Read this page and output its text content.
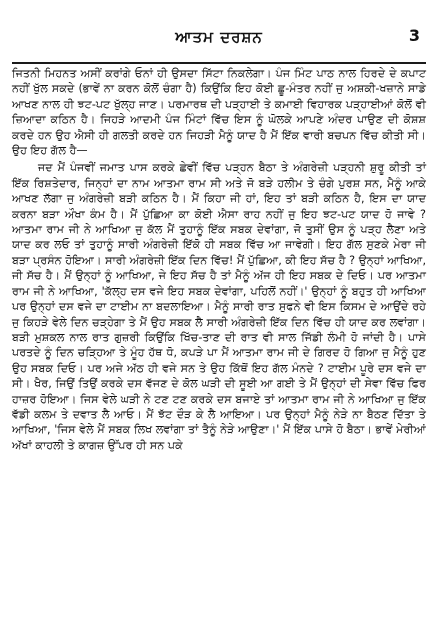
ਆਤਮ ਦਰਸ਼ਨ	3

ਜਿਤਨੀ ਮਿਹਨਤ ਅਸੀਂ ਕਰਾਂਗੇ ਓਨਾਂ ਹੀ ਉਸਦਾ ਸਿੱਟਾ ਨਿਕਲੇਗਾ। ਪੰਜ ਮਿੰਟ ਪਾਠ ਨਾਲ ਹਿਰਦੇ ਦੇ ਕਪਾਟ ਨਹੀਂ ਖੁੱਲ ਸਕਦੇ (ਭਾਵੇਂ ਨਾ ਕਰਨ ਕੋਲੋਂ ਚੰਗਾ ਹੈ) ਕਿਉਂਕਿ ਇਹ ਕੋਈ ਛੂ-ਮੰਤਰ ਨਹੀਂ ਜੁ ਅਸ਼ਕੀ-ਖਜ਼ਾਨੇ ਸਾਡੇ ਆਖਣ ਨਾਲ ਹੀ ਝਟ-ਪਟ ਖੁੱਲ੍ਹ ਜਾਣ। ਪਰਮਾਰਥ ਦੀ ਪੜ੍ਹਾਈ ਤੇ ਕਮਾਈ ਵਿਹਾਰਕ ਪੜ੍ਹਾਈਆਂ ਕੋਲੋਂ ਵੀ ਜ਼ਿਆਦਾ ਕਠਿਨ ਹੈ। ਜਿਹੜੇ ਆਦਮੀ ਪੰਜ ਮਿੰਟਾਂ ਵਿੱਚ ਇਸ ਨੂੰ ਘੋਲਕੇ ਆਪਣੇ ਅੰਦਰ ਪਾਉਣ ਦੀ ਕੋਸ਼ਸ਼ ਕਰਦੇ ਹਨ ਉਹ ਐਸੀ ਹੀ ਗਲਤੀ ਕਰਦੇ ਹਨ ਜਿਹੜੀ ਮੈਨੂੰ ਯਾਦ ਹੈ ਮੈਂ ਇੱਕ ਵਾਰੀ ਬਚਪਨ ਵਿੱਚ ਕੀਤੀ ਸੀ। ਉਹ ਇਹ ਗੱਲ ਹੈ—

ਜਦ ਮੈਂ ਪੰਜਵੀਂ ਜਮਾਤ ਪਾਸ ਕਰਕੇ ਛੇਵੀਂ ਵਿੱਚ ਪੜ੍ਹਨ ਬੈਠਾ ਤੇ ਅੰਗਰੇਜ਼ੀ ਪੜ੍ਹਨੀ ਸ਼ੁਰੂ ਕੀਤੀ ਤਾਂ ਇੱਕ ਰਿਸ਼ਤੇਦਾਰ, ਜਿਨ੍ਹਾਂ ਦਾ ਨਾਮ ਆਤਮਾ ਰਾਮ ਸੀ ਅਤੇ ਜੋ ਬੜੇ ਹਲੀਮ ਤੇ ਚੰਗੇ ਪੁਰਸ਼ ਸਨ, ਮੈਨੂੰ ਆਕੇ ਆਖਣ ਲੱਗਾ ਜੁ ਅੰਗਰੇਜ਼ੀ ਬੜੀ ਕਠਿਨ ਹੈ। ਮੈਂ ਕਿਹਾ ਜੀ ਹਾਂ, ਇਹ ਤਾਂ ਬੜੀ ਕਠਿਨ ਹੈ, ਇਸ ਦਾ ਯਾਦ ਕਰਨਾ ਬੜਾ ਔਖਾ ਕੰਮ ਹੈ। ਮੈਂ ਪੁੱਛਿਆ ਕਾ ਕੋਈ ਐਸਾ ਰਾਹ ਨਹੀਂ ਜੁ ਇਹ ਝਟ-ਪਟ ਯਾਦ ਹੋ ਜਾਵੇ ? ਆਤਮਾ ਰਾਮ ਜੀ ਨੇ ਆਖਿਆ ਜੁ ਕੱਲ ਮੈਂ ਤੁਹਾਨੂੰ ਇੱਕ ਸਬਕ ਦੇਵਾਂਗਾ, ਜੋ ਤੁਸੀਂ ਉਸ ਨੂੰ ਪੜ੍ਹ ਲੈਣਾ ਅਤੇ ਯਾਦ ਕਰ ਲਓ ਤਾਂ ਤੁਹਾਨੂੰ ਸਾਰੀ ਅੰਗਰੇਜ਼ੀ ਇੱਕੋ ਹੀ ਸਬਕ ਵਿੱਚ ਆ ਜਾਵੇਗੀ। ਇਹ ਗੱਲ ਸੁਣਕੇ ਮੇਰਾ ਜੀ ਬੜਾ ਪ੍ਰਸੰਨ ਹੋਇਆ। ਸਾਰੀ ਅੰਗਰੇਜ਼ੀ ਇੱਕ ਦਿਨ ਵਿੱਚ! ਮੈਂ ਪੁੱਛਿਆ, ਕੀ ਇਹ ਸੱਚ ਹੈ ? ਉਨ੍ਹਾਂ ਆਖਿਆ, ਜੀ ਸੱਚ ਹੈ। ਮੈਂ ਉਨ੍ਹਾਂ ਨੂੰ ਆਖਿਆ, ਜੇ ਇਹ ਸੱਚ ਹੈ ਤਾਂ ਮੈਨੂੰ ਅੱਜ ਹੀ ਇਹ ਸਬਕ ਦੇ ਦਿਓ। ਪਰ ਆਤਮਾ ਰਾਮ ਜੀ ਨੇ ਆਖਿਆ, 'ਕੱਲ੍ਹ ਦਸ ਵਜੇ ਇਹ ਸਬਕ ਦੇਵਾਂਗਾ, ਪਹਿਲੋਂ ਨਹੀਂ।' ਉਨ੍ਹਾਂ ਨੂੰ ਬਹੁਤ ਹੀ ਆਖਿਆ ਪਰ ਉਨ੍ਹਾਂ ਦਸ ਵਜੇ ਦਾ ਟਾਈਮ ਨਾ ਬਦਲਾਇਆ। ਮੈਨੂੰ ਸਾਰੀ ਰਾਤ ਸੁਫਨੇ ਵੀ ਇਸ ਕਿਸਮ ਦੇ ਆਉਂਦੇ ਰਹੇ ਜੁ ਕਿਹੜੇ ਵੇਲੇ ਦਿਨ ਚੜ੍ਹੇਗਾ ਤੇ ਮੈਂ ਉਹ ਸਬਕ ਲੈ ਸਾਰੀ ਅੰਗਰੇਜ਼ੀ ਇੱਕ ਦਿਨ ਵਿੱਚ ਹੀ ਯਾਦ ਕਰ ਲਵਾਂਗਾ। ਬੜੀ ਮੁਸ਼ਕਲ ਨਾਲ ਰਾਤ ਗੁਜ਼ਰੀ ਕਿਉਂਕਿ ਖਿੱਚ-ਤਾਣ ਦੀ ਰਾਤ ਵੀ ਸਾਲ ਜਿੱਡੀ ਲੰਮੀ ਹੋ ਜਾਂਦੀ ਹੈ। ਪਾਸੇ ਪਰਤਦੇ ਨੂੰ ਦਿਨ ਚੜ੍ਹਿਆ ਤੇ ਮੂੰਹ ਹੱਥ ਧੋ, ਕਪੜੇ ਪਾ ਮੈਂ ਆਤਮਾ ਰਾਮ ਜੀ ਦੇ ਗਿਰਦ ਹੋ ਗਿਆ ਜੁ ਮੈਨੂੰ ਹੁਣ ਉਹ ਸਬਕ ਦਿਓ। ਪਰ ਅਜੇ ਅੱਠ ਹੀ ਵਜੇ ਸਨ ਤੇ ਉਹ ਕਿੱਥੋਂ ਇਹ ਗੱਲ ਮੰਨਦੇ ? ਟਾਈਮ ਪੂਰੇ ਦਸ ਵਜੇ ਦਾ ਸੀ। ਖੈਰ, ਜਿਉਂ ਤਿਉਂ ਕਰਕੇ ਦਸ ਵੱਜਣ ਦੇ ਕੋਲ ਘੜੀ ਦੀ ਸੂਈ ਆ ਗਈ ਤੇ ਮੈਂ ਉਨ੍ਹਾਂ ਦੀ ਸੇਵਾ ਵਿੱਚ ਫਿਰ ਹਾਜ਼ਰ ਹੋਇਆ। ਜਿਸ ਵੇਲੇ ਘੜੀ ਨੇ ਟਣ ਟਣ ਕਰਕੇ ਦਸ ਬਜਾਏ ਤਾਂ ਆਤਮਾ ਰਾਮ ਜੀ ਨੇ ਆਖਿਆ ਜੁ ਇੱਕ ਵੱਡੀ ਕਲਮ ਤੇ ਦਵਾਤ ਲੈ ਆਓ। ਮੈਂ ਝੱਟ ਦੌੜ ਕੇ ਲੈ ਆਇਆ। ਪਰ ਉਨ੍ਹਾਂ ਮੈਨੂੰ ਨੇੜੇ ਨਾ ਬੈਠਣ ਦਿੱਤਾ ਤੇ ਆਖਿਆ, 'ਜਿਸ ਵੇਲੇ ਮੈਂ ਸਬਕ ਲਿਖ ਲਵਾਂਗਾ ਤਾਂ ਤੈਨੂੰ ਨੇੜੇ ਆਉਣਾ।' ਮੈਂ ਇੱਕ ਪਾਸੇ ਹੋ ਬੈਠਾ। ਭਾਵੇਂ ਮੇਰੀਆਂ ਅੱਖਾਂ ਕਾਹਲੀ ਤੇ ਕਾਗਜ਼ ਉੱਪਰ ਹੀ ਸਨ ਪਕੇ
